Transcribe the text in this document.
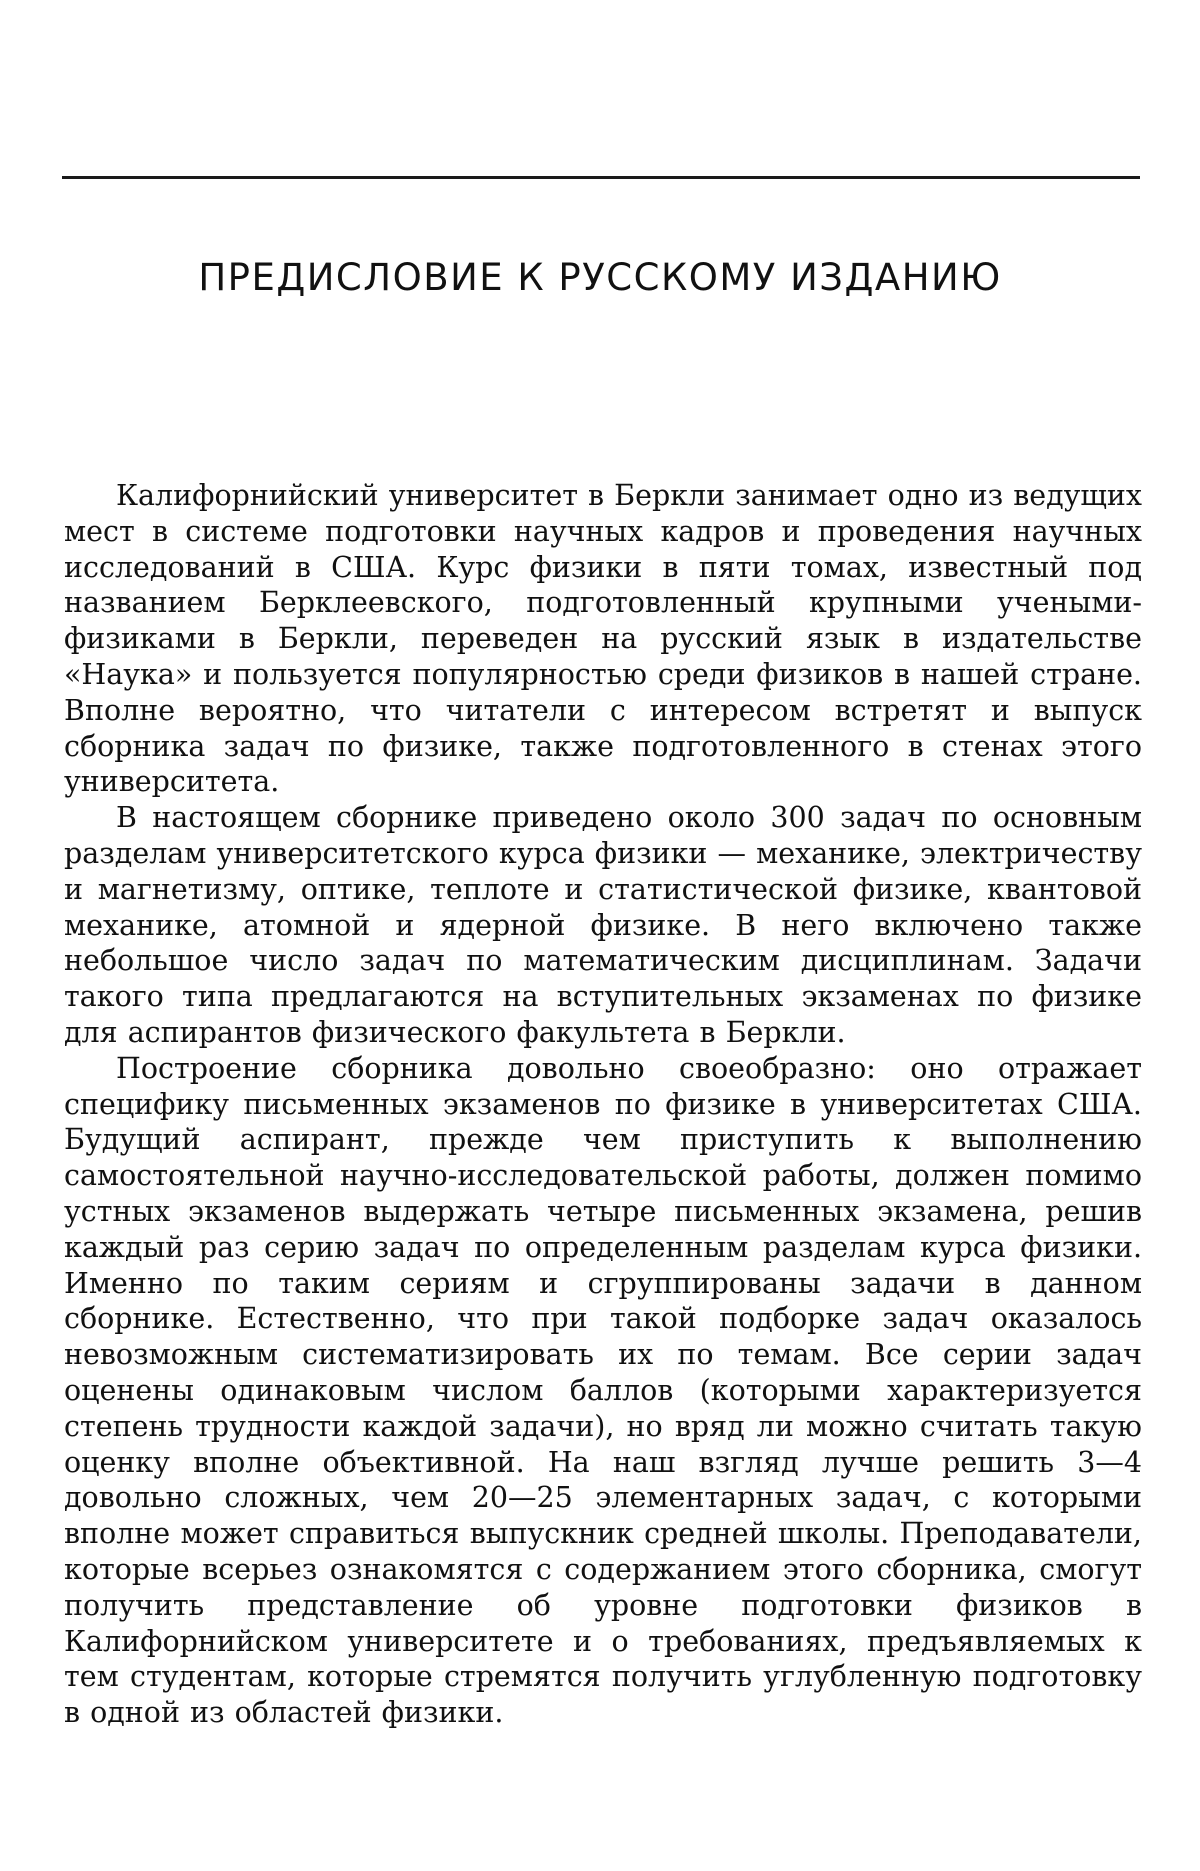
ПРЕДИСЛОВИЕ К РУССКОМУ ИЗДАНИЮ

Калифорнийский университет в Беркли занимает одно из ведущих мест в системе подготовки научных кадров и проведения научных исследований в США. Курс физики в пяти томах, известный под названием Берклеевского, подготовленный крупными учеными-физиками в Беркли, переведен на русский язык в издательстве «Наука» и пользуется популярностью среди физиков в нашей стране. Вполне вероятно, что читатели с интересом встретят и выпуск сборника задач по физике, также подготовленного в стенах этого университета.

В настоящем сборнике приведено около 300 задач по основным разделам университетского курса физики — механике, электричеству и магнетизму, оптике, теплоте и статистической физике, квантовой механике, атомной и ядерной физике. В него включено также небольшое число задач по математическим дисциплинам. Задачи такого типа предлагаются на вступительных экзаменах по физике для аспирантов физического факультета в Беркли.

Построение сборника довольно своеобразно: оно отражает специфику письменных экзаменов по физике в университетах США. Будущий аспирант, прежде чем приступить к выполнению самостоятельной научно-исследовательской работы, должен помимо устных экзаменов выдержать четыре письменных экзамена, решив каждый раз серию задач по определенным разделам курса физики. Именно по таким сериям и сгруппированы задачи в данном сборнике. Естественно, что при такой подборке задач оказалось невозможным систематизировать их по темам. Все серии задач оценены одинаковым числом баллов (которыми характеризуется степень трудности каждой задачи), но вряд ли можно считать такую оценку вполне объективной. На наш взгляд лучше решить 3—4 довольно сложных, чем 20—25 элементарных задач, с которыми вполне может справиться выпускник средней школы. Преподаватели, которые всерьез ознакомятся с содержанием этого сборника, смогут получить представление об уровне подготовки физиков в Калифорнийском университете и о требованиях, предъявляемых к тем студентам, которые стремятся получить углубленную подготовку в одной из областей физики.
